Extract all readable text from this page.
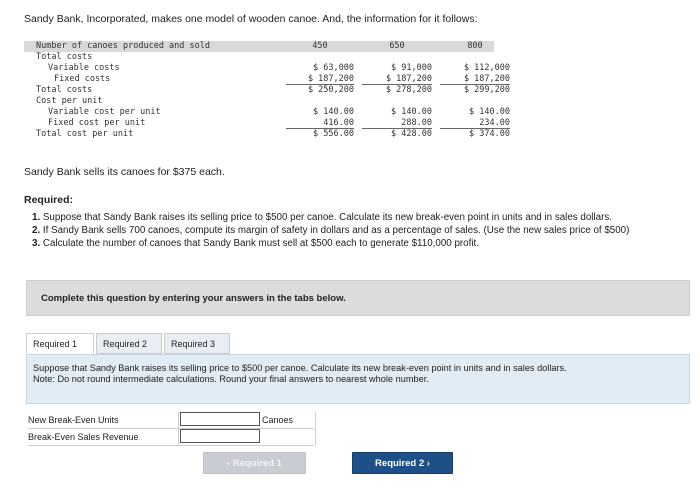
Sandy Bank, Incorporated, makes one model of wooden canoe. And, the information for it follows:
Number of canoes produced and sold	450	650	800
Total costs
Variable costs	$ 63,000	$ 91,000	$ 112,000
Fixed costs	$ 187,200	$ 187,200	$ 187,200
Total costs	$ 250,200	$ 278,200	$ 299,200
Cost per unit
Variable cost per unit	$ 140.00	$ 140.00	$ 140.00
Fixed cost per unit	416.00	288.00	234.00
Total cost per unit	$ 556.00	$ 428.00	$ 374.00
Sandy Bank sells its canoes for $375 each.
Required:
1. Suppose that Sandy Bank raises its selling price to $500 per canoe. Calculate its new break-even point in units and in sales dollars.
2. If Sandy Bank sells 700 canoes, compute its margin of safety in dollars and as a percentage of sales. (Use the new sales price of $500)
3. Calculate the number of canoes that Sandy Bank must sell at $500 each to generate $110,000 profit.
Complete this question by entering your answers in the tabs below.
Required 1	Required 2	Required 3
Suppose that Sandy Bank raises its selling price to $500 per canoe. Calculate its new break-even point in units and in sales dollars.
Note: Do not round intermediate calculations. Round your final answers to nearest whole number.
New Break-Even Units	Canoes
Break-Even Sales Revenue
‹ Required 1	Required 2 ›
